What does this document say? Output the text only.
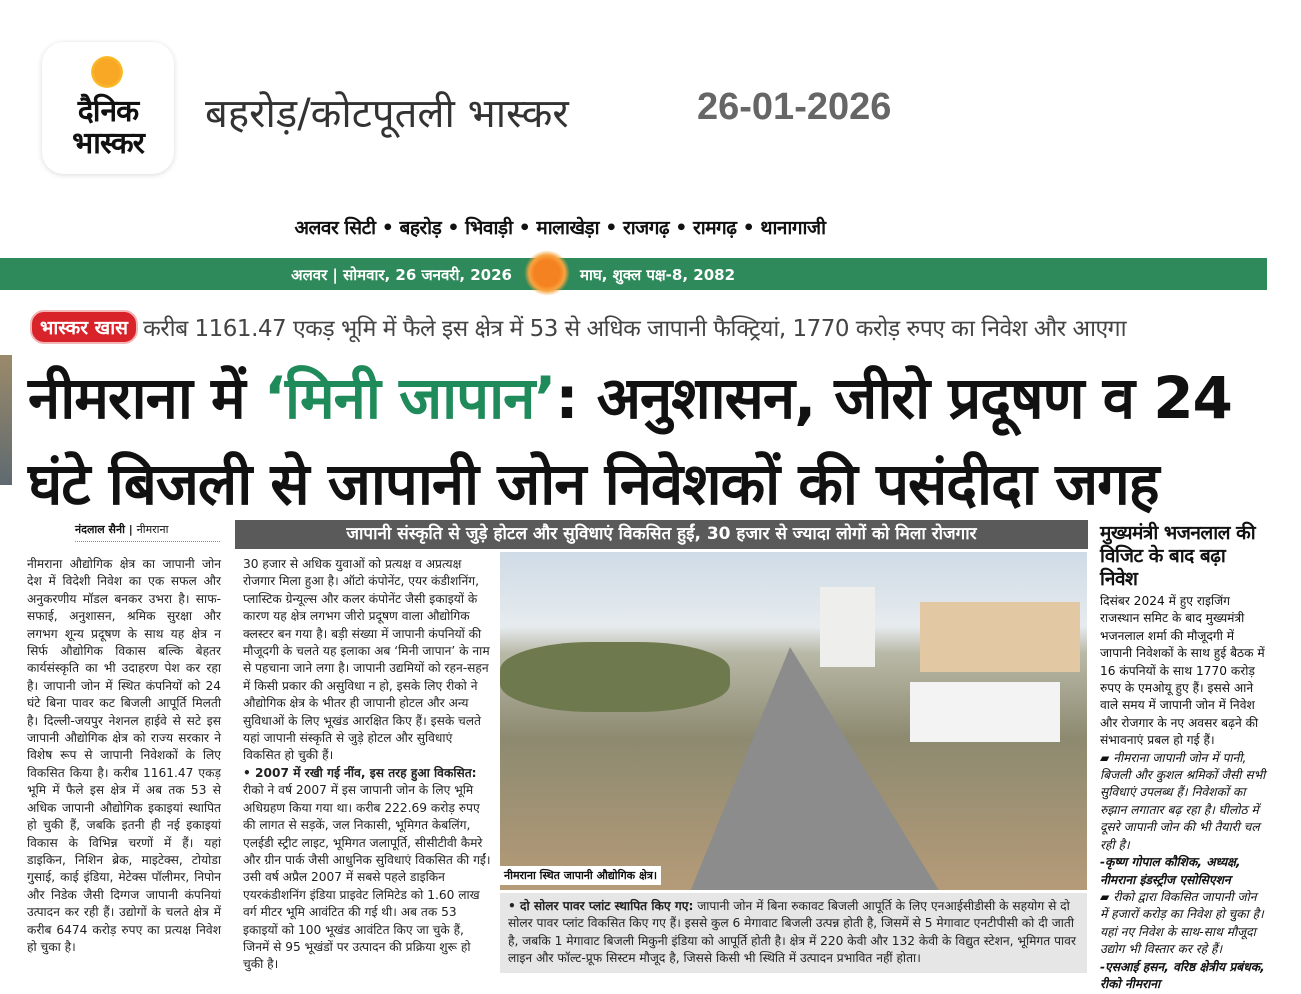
दैनिक
भास्कर
बहरोड़/कोटपूतली भास्कर	26-01-2026
अलवर सिटी • बहरोड़ • भिवाड़ी • मालाखेड़ा • राजगढ़ • रामगढ़ • थानागाजी
अलवर | सोमवार, 26 जनवरी, 2026	माघ, शुक्ल पक्ष-8, 2082
भास्कर खास करीब 1161.47 एकड़ भूमि में फैले इस क्षेत्र में 53 से अधिक जापानी फैक्ट्रियां, 1770 करोड़ रुपए का निवेश और आएगा
नीमराना में ‘मिनी जापान’: अनुशासन, जीरो प्रदूषण व 24
घंटे बिजली से जापानी जोन निवेशकों की पसंदीदा जगह
नंदलाल सैनी | नीमराना
नीमराना औद्योगिक क्षेत्र का जापानी जोन देश में विदेशी निवेश का एक सफल और अनुकरणीय मॉडल बनकर उभरा है। साफ-सफाई, अनुशासन, श्रमिक सुरक्षा और लगभग शून्य प्रदूषण के साथ यह क्षेत्र न सिर्फ औद्योगिक विकास बल्कि बेहतर कार्यसंस्कृति का भी उदाहरण पेश कर रहा है। जापानी जोन में स्थित कंपनियों को 24 घंटे बिना पावर कट बिजली आपूर्ति मिलती है। दिल्ली-जयपुर नेशनल हाईवे से सटे इस जापानी औद्योगिक क्षेत्र को राज्य सरकार ने विशेष रूप से जापानी निवेशकों के लिए विकसित किया है। करीब 1161.47 एकड़ भूमि में फैले इस क्षेत्र में अब तक 53 से अधिक जापानी औद्योगिक इकाइयां स्थापित हो चुकी हैं, जबकि इतनी ही नई इकाइयां विकास के विभिन्न चरणों में हैं। यहां डाइकिन, निशिन ब्रेक, माइटेक्स, टोयोडा गुसाई, काई इंडिया, मेटेक्स पॉलीमर, निपोन और निडेक जैसी दिग्गज जापानी कंपनियां उत्पादन कर रही हैं। उद्योगों के चलते क्षेत्र में करीब 6474 करोड़ रुपए का प्रत्यक्ष निवेश हो चुका है।
जापानी संस्कृति से जुड़े होटल और सुविधाएं विकसित हुईं, 30 हजार से ज्यादा लोगों को मिला रोजगार

30 हजार से अधिक युवाओं को प्रत्यक्ष व अप्रत्यक्ष रोजगार मिला हुआ है। ऑटो कंपोनेंट, एयर कंडीशनिंग, प्लास्टिक ग्रेन्यूल्स और कलर कंपोनेंट जैसी इकाइयों के कारण यह क्षेत्र लगभग जीरो प्रदूषण वाला औद्योगिक क्लस्टर बन गया है। बड़ी संख्या में जापानी कंपनियों की मौजूदगी के चलते यह इलाका अब ‘मिनी जापान’ के नाम से पहचाना जाने लगा है। जापानी उद्यमियों को रहन-सहन में किसी प्रकार की असुविधा न हो, इसके लिए रीको ने औद्योगिक क्षेत्र के भीतर ही जापानी होटल और अन्य सुविधाओं के लिए भूखंड आरक्षित किए हैं। इसके चलते यहां जापानी संस्कृति से जुड़े होटल और सुविधाएं विकसित हो चुकी हैं।

• 2007 में रखी गई नींव, इस तरह हुआ विकसित: रीको ने वर्ष 2007 में इस जापानी जोन के लिए भूमि अधिग्रहण किया गया था। करीब 222.69 करोड़ रुपए की लागत से सड़कें, जल निकासी, भूमिगत केबलिंग, एलईडी स्ट्रीट लाइट, भूमिगत जलापूर्ति, सीसीटीवी कैमरे और ग्रीन पार्क जैसी आधुनिक सुविधाएं विकसित की गईं। उसी वर्ष अप्रैल 2007 में सबसे पहले डाइकिन एयरकंडीशनिंग इंडिया प्राइवेट लिमिटेड को 1.60 लाख वर्ग मीटर भूमि आवंटित की गई थी। अब तक 53 इकाइयों को 100 भूखंड आवंटित किए जा चुके हैं, जिनमें से 95 भूखंडों पर उत्पादन की प्रक्रिया शुरू हो चुकी है।

नीमराना स्थित जापानी औद्योगिक क्षेत्र।
• दो सोलर पावर प्लांट स्थापित किए गए: जापानी जोन में बिना रुकावट बिजली आपूर्ति के लिए एनआईसीडीसी के सहयोग से दो सोलर पावर प्लांट विकसित किए गए हैं। इससे कुल 6 मेगावाट बिजली उत्पन्न होती है, जिसमें से 5 मेगावाट एनटीपीसी को दी जाती है, जबकि 1 मेगावाट बिजली मिकुनी इंडिया को आपूर्ति होती है। क्षेत्र में 220 केवी और 132 केवी के विद्युत स्टेशन, भूमिगत पावर लाइन और फॉल्ट-प्रूफ सिस्टम मौजूद है, जिससे किसी भी स्थिति में उत्पादन प्रभावित नहीं होता।
मुख्यमंत्री भजनलाल की विजिट के बाद बढ़ा निवेश

दिसंबर 2024 में हुए राइजिंग राजस्थान समिट के बाद मुख्यमंत्री भजनलाल शर्मा की मौजूदगी में जापानी निवेशकों के साथ हुई बैठक में 16 कंपनियों के साथ 1770 करोड़ रुपए के एमओयू हुए हैं। इससे आने वाले समय में जापानी जोन में निवेश और रोजगार के नए अवसर बढ़ने की संभावनाएं प्रबल हो गई हैं।

▰ नीमराना जापानी जोन में पानी, बिजली और कुशल श्रमिकों जैसी सभी सुविधाएं उपलब्ध हैं। निवेशकों का रुझान लगातार बढ़ रहा है। घीलोठ में दूसरे जापानी जोन की भी तैयारी चल रही है।

-कृष्ण गोपाल कौशिक, अध्यक्ष, नीमराना इंडस्ट्रीज एसोसिएशन

▰ रीको द्वारा विकसित जापानी जोन में हजारों करोड़ का निवेश हो चुका है। यहां नए निवेश के साथ-साथ मौजूदा उद्योग भी विस्तार कर रहे हैं।

-एसआई हसन, वरिष्ठ क्षेत्रीय प्रबंधक, रीको नीमराना
